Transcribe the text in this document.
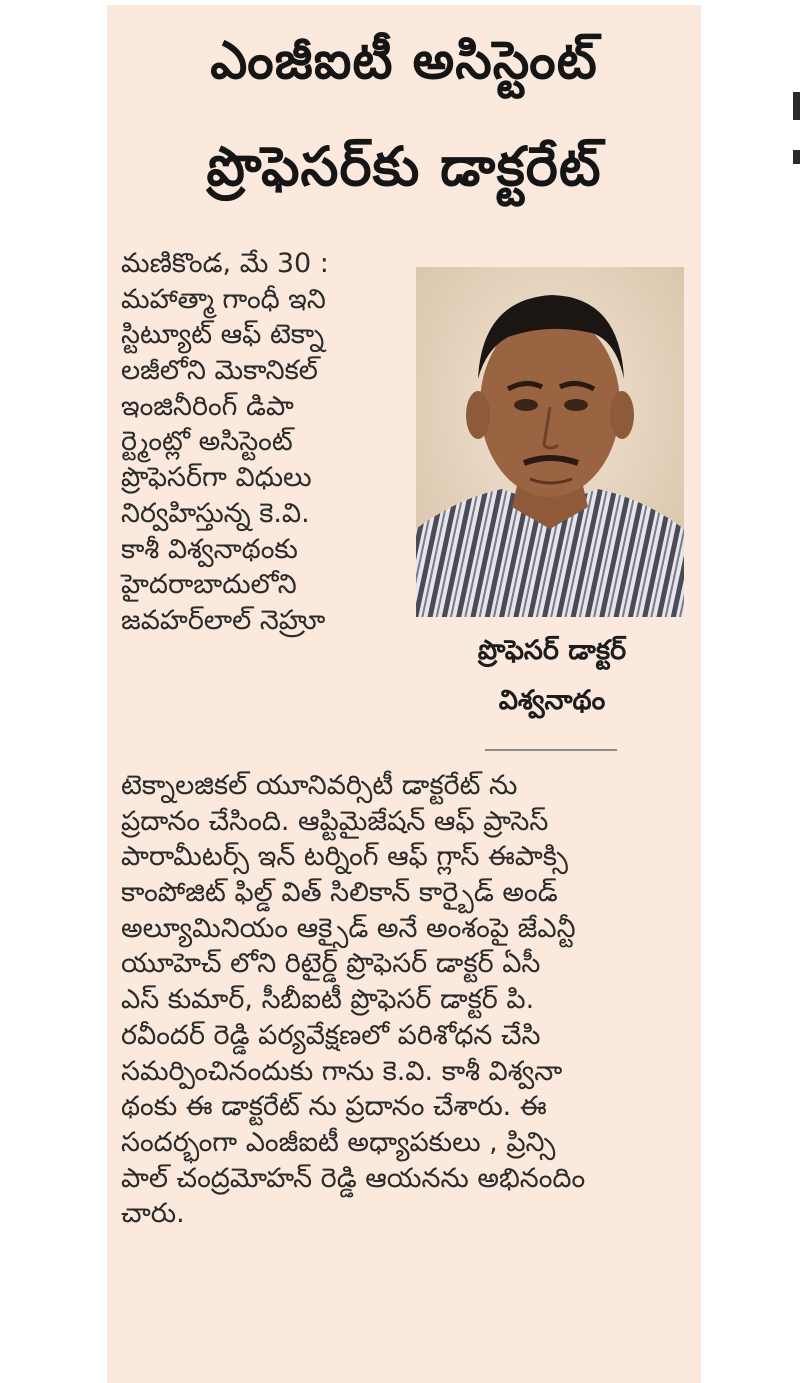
ఎంజీఐటీ అసిస్టెంట్
ప్రొఫెసర్‌కు డాక్టరేట్
మణికొండ, మే 30 :
మహాత్మా గాంధీ ఇని
స్టిట్యూట్ ఆఫ్ టెక్నా
లజీలోని మెకానికల్
ఇంజినీరింగ్ డిపా
ర్ట్మెంట్లో అసిస్టెంట్
ప్రొఫెసర్‌గా విధులు
నిర్వహిస్తున్న కె.వి.
కాశీ విశ్వనాథంకు
హైదరాబాదులోని
జవహర్‌లాల్ నెహ్రూ
ప్రొఫెసర్ డాక్టర్
విశ్వనాథం
టెక్నాలజికల్ యూనివర్సిటీ డాక్టరేట్ ను
ప్రదానం చేసింది. ఆప్టిమైజేషన్ ఆఫ్ ప్రాసెస్
పారామీటర్స్ ఇన్ టర్నింగ్ ఆఫ్ గ్లాస్ ఈపాక్సి
కాంపోజిట్ ఫిల్డ్ విత్ సిలికాన్ కార్బైడ్ అండ్
అల్యూమినియం ఆక్సైడ్ అనే అంశంపై జేఎన్టీ
యూహెచ్ లోని రిటైర్డ్ ప్రొఫెసర్ డాక్టర్ ఏసీ
ఎస్ కుమార్, సీబీఐటీ ప్రొఫెసర్ డాక్టర్ పి.
రవీందర్ రెడ్డి పర్యవేక్షణలో పరిశోధన చేసి
సమర్పించినందుకు గాను కె.వి. కాశీ విశ్వనా
థంకు ఈ డాక్టరేట్ ను ప్రదానం చేశారు. ఈ
సందర్భంగా ఎంజీఐటీ అధ్యాపకులు , ప్రిన్సి
పాల్ చంద్రమోహన్ రెడ్డి ఆయనను అభినందిం
చారు.
